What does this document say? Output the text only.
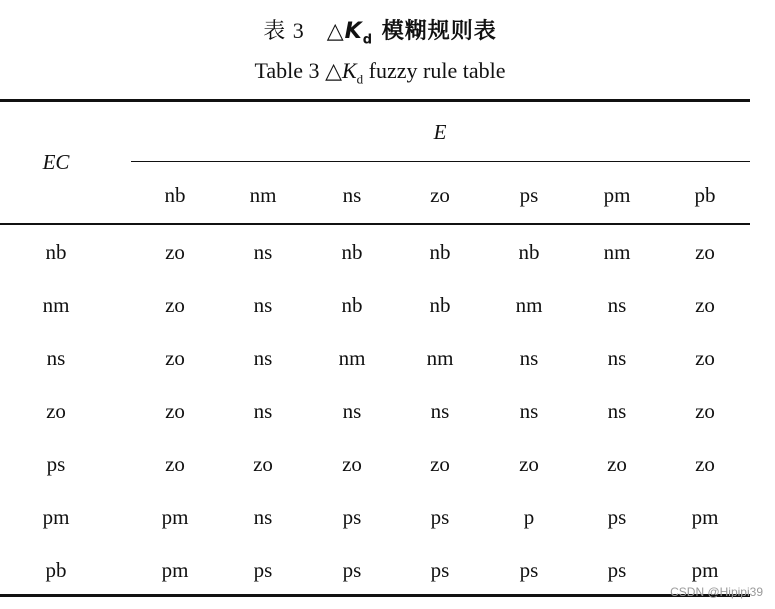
表 3 $\triangle K_d$ 模糊规则表
Table 3 $\triangle K_d$ fuzzy rule table
EC
E
nb	nm	ns	zo	ps	pm	pb
nb	zo	ns	nb	nb	nb	nm	zo
nm	zo	ns	nb	nb	nm	ns	zo
ns	zo	ns	nm	nm	ns	ns	zo
zo	zo	ns	ns	ns	ns	ns	zo
ps	zo	zo	zo	zo	zo	zo	zo
pm	pm	ns	ps	ps	p	ps	pm
pb	pm	ps	ps	ps	ps	ps	pm
CSDN @Hipipi39
